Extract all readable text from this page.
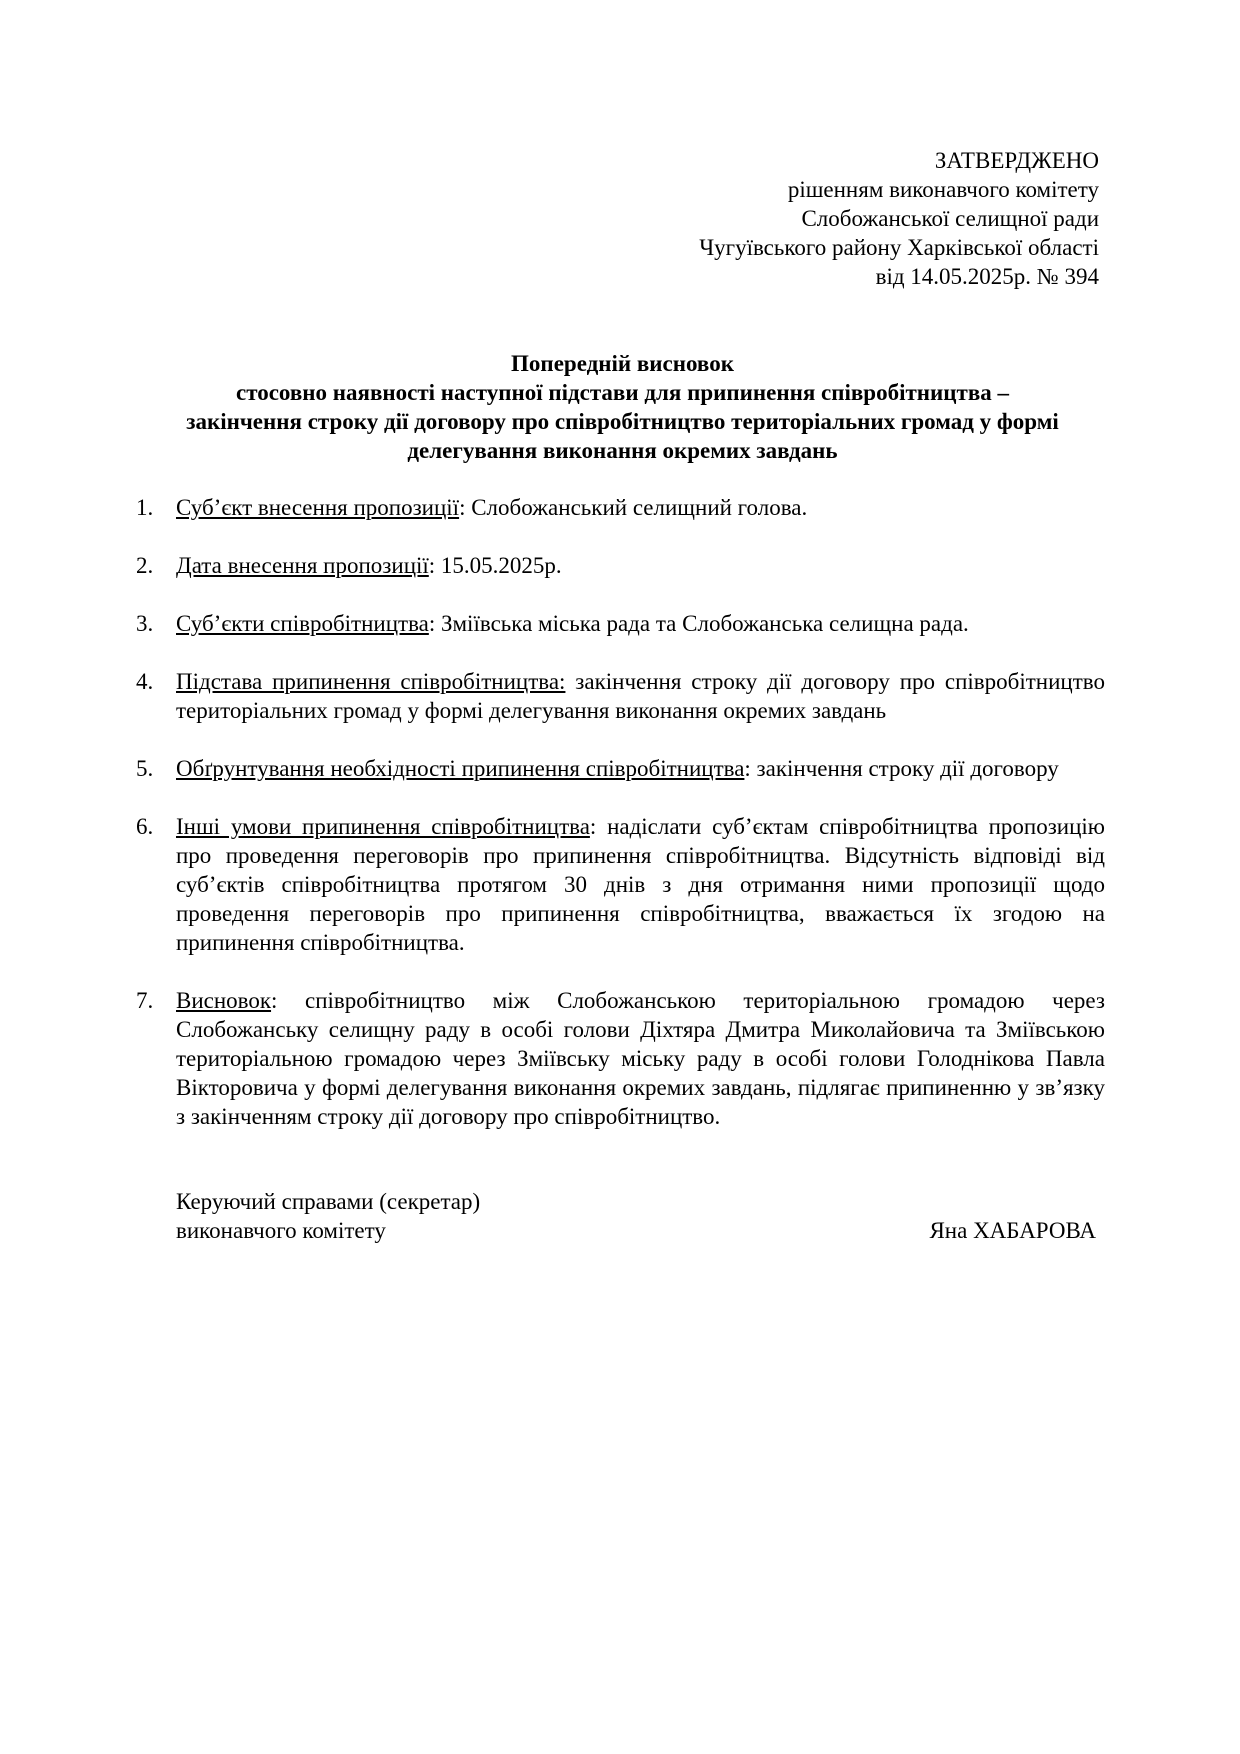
ЗАТВЕРДЖЕНО
рішенням виконавчого комітету
Слобожанської селищної ради
Чугуївського району Харківської області
від 14.05.2025р. № 394
Попередній висновок
стосовно наявності наступної підстави для припинення співробітництва –
закінчення строку дії договору про співробітництво територіальних громад у формі
делегування виконання окремих завдань
1. Суб’єкт внесення пропозиції: Слобожанський селищний голова.
2. Дата внесення пропозиції: 15.05.2025р.
3. Суб’єкти співробітництва: Зміївська міська рада та Слобожанська селищна рада.
4. Підстава припинення співробітництва: закінчення строку дії договору про співробітництво територіальних громад у формі делегування виконання окремих завдань
5. Обґрунтування необхідності припинення співробітництва: закінчення строку дії договору
6. Інші умови припинення співробітництва: надіслати суб’єктам співробітництва пропозицію про проведення переговорів про припинення співробітництва. Відсутність відповіді від суб’єктів співробітництва протягом 30 днів з дня отримання ними пропозиції щодо проведення переговорів про припинення співробітництва, вважається їх згодою на припинення співробітництва.
7. Висновок: співробітництво між Слобожанською територіальною громадою через Слобожанську селищну раду в особі голови Діхтяра Дмитра Миколайовича та Зміївською територіальною громадою через Зміївську міську раду в особі голови Голоднікова Павла Вікторовича у формі делегування виконання окремих завдань, підлягає припиненню у зв’язку з закінченням строку дії договору про співробітництво.
Керуючий справами (секретар)
виконавчого комітету	Яна ХАБАРОВА
